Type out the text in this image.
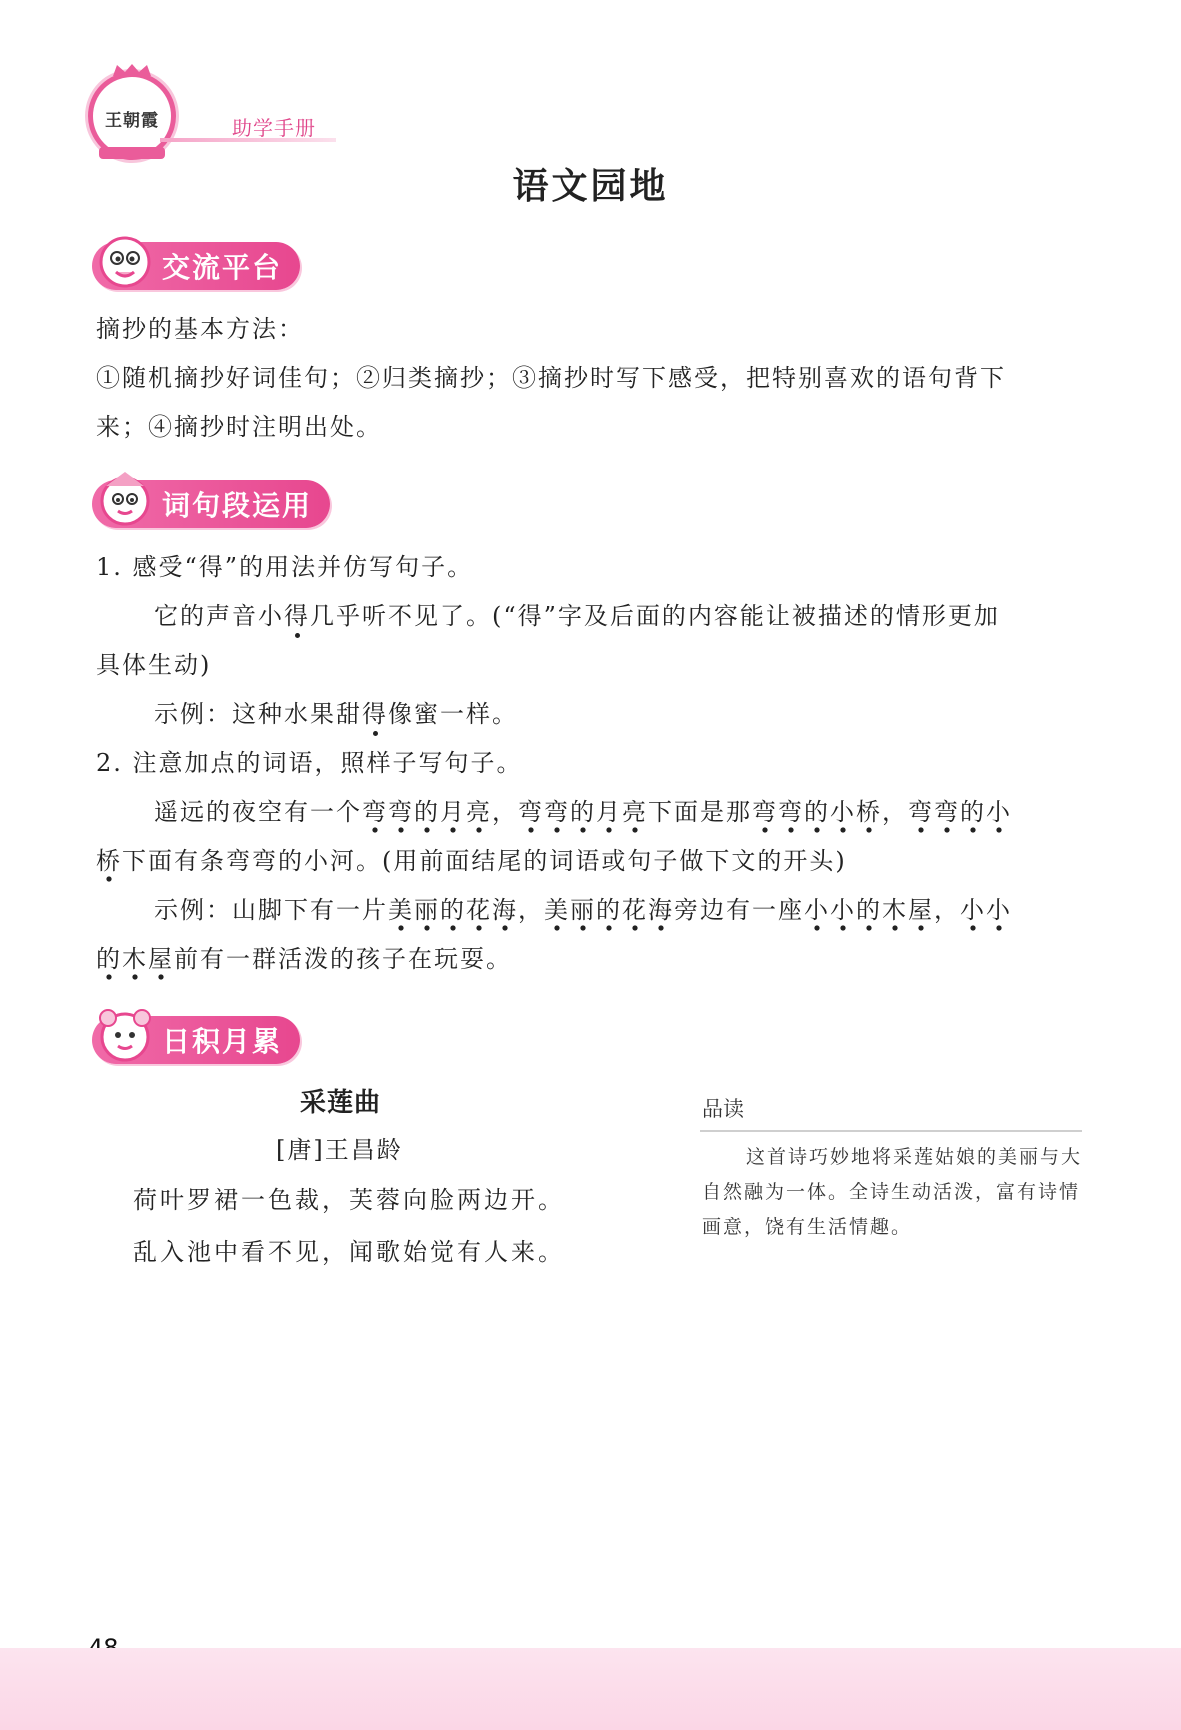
王朝霞	助学手册
语文园地
交流平台
摘抄的基本方法：
①随机摘抄好词佳句；②归类摘抄；③摘抄时写下感受，把特别喜欢的语句背下
来；④摘抄时注明出处。
词句段运用
1. 感受“得”的用法并仿写句子。
它的声音小得几乎听不见了。(“得”字及后面的内容能让被描述的情形更加
具体生动)
示例：这种水果甜得像蜜一样。
2. 注意加点的词语，照样子写句子。
遥远的夜空有一个弯弯的月亮，弯弯的月亮下面是那弯弯的小桥，弯弯的小
桥下面有条弯弯的小河。(用前面结尾的词语或句子做下文的开头)
示例：山脚下有一片美丽的花海，美丽的花海旁边有一座小小的木屋，小小
的木屋前有一群活泼的孩子在玩耍。
日积月累
采莲曲
[唐]王昌龄
荷叶罗裙一色裁，芙蓉向脸两边开。
乱入池中看不见，闻歌始觉有人来。
品读
这首诗巧妙地将采莲姑娘的美丽与大自然融为一体。全诗生动活泼，富有诗情画意，饶有生活情趣。
